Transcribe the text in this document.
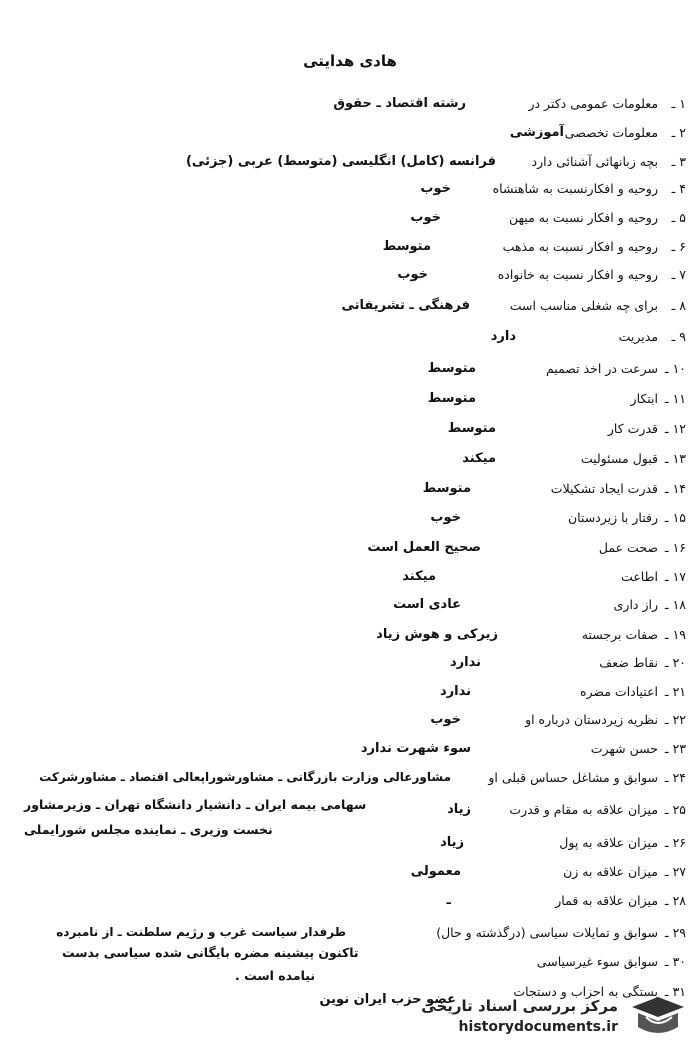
هادی هدایتی
۱ ـ معلومات عمومی دکتر در
رشته اقتصاد ـ حقوق
۲ ـ معلومات تخصصی
آموزشی
۳ ـ بچه زبانهائی آشنائی دارد
فرانسه (کامل) انگلیسی (متوسط) عربی (جزئی)
۴ ـ روحیه و افکارنسبت به شاهنشاه
خوب
۵ ـ روحیه و افکار نسبت به میهن
خوب
۶ ـ روحیه و افکار نسبت به مذهب
متوسط
۷ ـ روحیه و افکار نسبت به خانواده
خوب
۸ ـ برای چه شغلی مناسب است
فرهنگی ـ تشریفاتی
۹ ـ مدیریت
دارد
۱۰ ـ سرعت در اخذ تصمیم
متوسط
۱۱ ـ ابتکار
متوسط
۱۲ ـ قدرت کار
متوسط
۱۳ ـ قبول مسئولیت
میکند
۱۴ ـ قدرت ایجاد تشکیلات
متوسط
۱۵ ـ رفتار با زیردستان
خوب
۱۶ ـ صحت عمل
صحیح العمل است
۱۷ ـ اطاعت
میکند
۱۸ ـ راز داری
عادی است
۱۹ ـ صفات برجسته
زیرکی و هوش زیاد
۲۰ ـ نقاط ضعف
ندارد
۲۱ ـ اعتیادات مضره
ندارد
۲۲ ـ نظریه زیردستان درباره او
خوب
۲۳ ـ حسن شهرت
سوء شهرت ندارد
۲۴ ـ سوابق و مشاغل حساس قبلی او
مشاورعالی وزارت بازرگانی ـ مشاورشوراپعالی اقتصاد ـ مشاورشرکت
سهامی بیمه ایران ـ دانشیار دانشگاه تهران ـ وزیرمشاور
نخست وزیری ـ نماینده مجلس شورایملی
۲۵ ـ میزان علاقه به مقام و قدرت
زیاد
۲۶ ـ میزان علاقه به پول
زیاد
۲۷ ـ میزان علاقه به زن
معمولی
۲۸ ـ میزان علاقه به قمار
ـ
۲۹ ـ سوابق و تمایلات سیاسی (درگذشته و حال)
طرفدار سیاست غرب و رژیم سلطنت ـ از نامبرده
تاکنون پیشینه مضره بایگانی شده سیاسی بدست
نیامده است .
۳۰ ـ سوابق سوء غیرسیاسی
۳۱ ـ بستگی به احزاب و دستجات
عضو حزب ایران نوین
مرکز بررسی اسناد تاریخی
historydocuments.ir
